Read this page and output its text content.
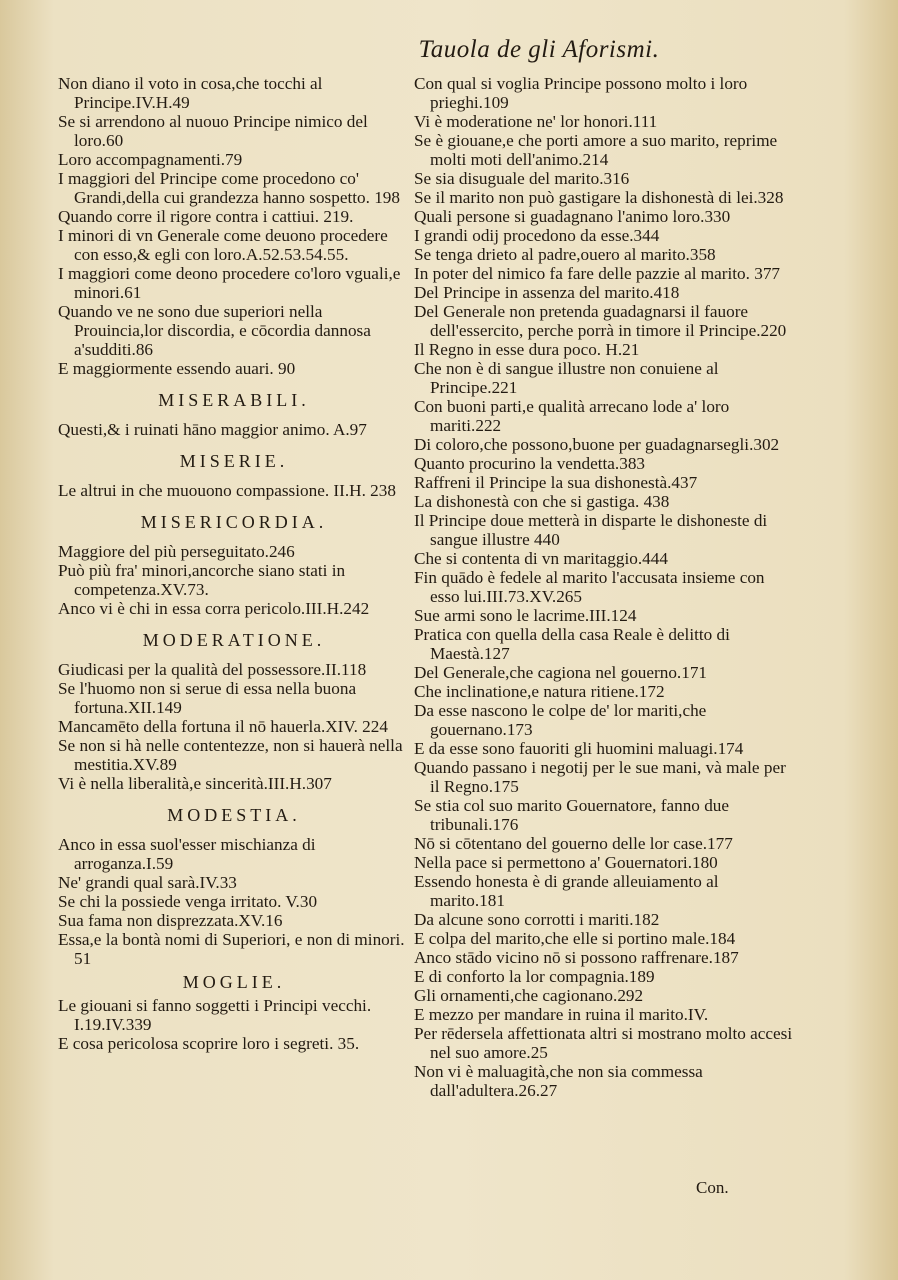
Tauola de gli Aforismi.

Non diano il voto in cosa,che tocchi al Principe.IV.H.49

Se si arrendono al nuouo Principe nimico del loro.60

Loro accompagnamenti.79

I maggiori del Principe come procedono co' Grandi,della cui grandezza hanno sospetto. 198

Quando corre il rigore contra i cattiui. 219.

I minori di vn Generale come deuono procedere con esso,& egli con loro.A.52.53.54.55.

I maggiori come deono procedere co'loro vguali,e minori.61

Quando ve ne sono due superiori nella Prouincia,lor discordia, e cōcordia dannosa a'sudditi.86

E maggiormente essendo auari. 90

MISERABILI.

Questi,& i ruinati hāno maggior animo. A.97

MISERIE.

Le altrui in che muouono compassione. II.H. 238

MISERICORDIA.

Maggiore del più perseguitato.246

Può più fra' minori,ancorche siano stati in competenza.XV.73.

Anco vi è chi in essa corra pericolo.III.H.242

MODERATIONE.

Giudicasi per la qualità del possessore.II.118

Se l'huomo non si serue di essa nella buona fortuna.XII.149

Mancamēto della fortuna il nō hauerla.XIV. 224

Se non si hà nelle contentezze, non si hauerà nella mestitia.XV.89

Vi è nella liberalità,e sincerità.III.H.307

MODESTIA.

Anco in essa suol'esser mischianza di arroganza.I.59

Ne' grandi qual sarà.IV.33

Se chi la possiede venga irritato. V.30

Sua fama non disprezzata.XV.16

Essa,e la bontà nomi di Superiori, e non di minori. 51

MOGLIE.

Le giouani si fanno soggetti i Principi vecchi. I.19.IV.339

E cosa pericolosa scoprire loro i segreti. 35.

Con qual si voglia Principe possono molto i loro prieghi.109

Vi è moderatione ne' lor honori.111

Se è giouane,e che porti amore a suo marito, reprime molti moti dell'animo.214

Se sia disuguale del marito.316

Se il marito non può gastigare la dishonestà di lei.328

Quali persone si guadagnano l'animo loro.330

I grandi odij procedono da esse.344

Se tenga drieto al padre,ouero al marito.358

In poter del nimico fa fare delle pazzie al marito. 377

Del Principe in assenza del marito.418

Del Generale non pretenda guadagnarsi il fauore dell'essercito, perche porrà in timore il Principe.220

Il Regno in esse dura poco. H.21

Che non è di sangue illustre non conuiene al Principe.221

Con buoni parti,e qualità arrecano lode a' loro mariti.222

Di coloro,che possono,buone per guadagnarsegli.302

Quanto procurino la vendetta.383

Raffreni il Principe la sua dishonestà.437

La dishonestà con che si gastiga. 438

Il Principe doue metterà in disparte le dishoneste di sangue illustre 440

Che si contenta di vn maritaggio.444

Fin quādo è fedele al marito l'accusata insieme con esso lui.III.73.XV.265

Sue armi sono le lacrime.III.124

Pratica con quella della casa Reale è delitto di Maestà.127

Del Generale,che cagiona nel gouerno.171

Che inclinatione,e natura ritiene.172

Da esse nascono le colpe de' lor mariti,che gouernano.173

E da esse sono fauoriti gli huomini maluagi.174

Quando passano i negotij per le sue mani, và male per il Regno.175

Se stia col suo marito Gouernatore, fanno due tribunali.176

Nō si cōtentano del gouerno delle lor case.177

Nella pace si permettono a' Gouernatori.180

Essendo honesta è di grande alleuiamento al marito.181

Da alcune sono corrotti i mariti.182

E colpa del marito,che elle si portino male.184

Anco stādo vicino nō si possono raffrenare.187

E di conforto la lor compagnia.189

Gli ornamenti,che cagionano.292

E mezzo per mandare in ruina il marito.IV.

Per rēdersela affettionata altri si mostrano molto accesi nel suo amore.25

Non vi è maluagità,che non sia commessa dall'adultera.26.27

Con.
